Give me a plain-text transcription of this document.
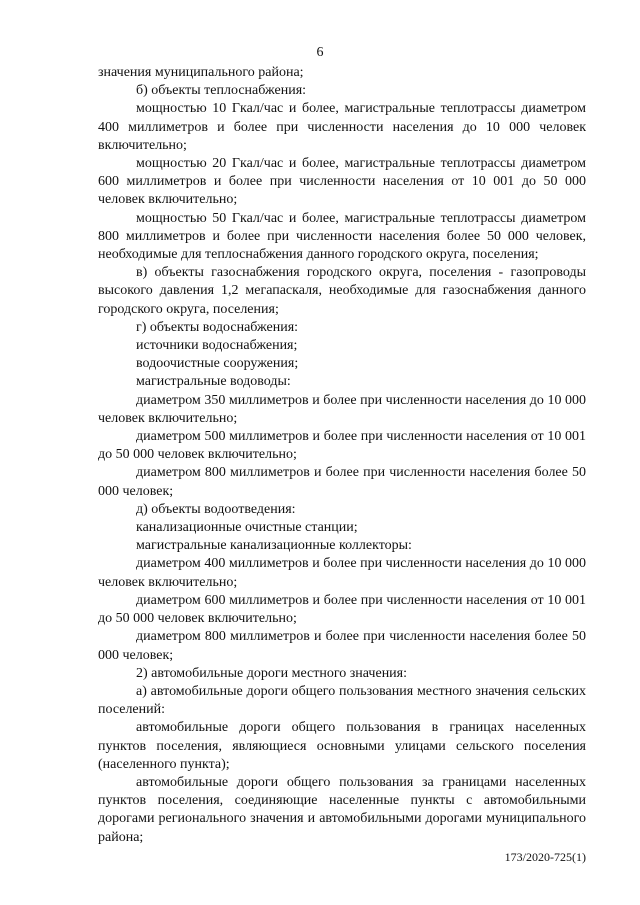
6

значения муниципального района;

б) объекты теплоснабжения:

мощностью 10 Гкал/час и более, магистральные теплотрассы диаметром 400 миллиметров и более при численности населения до 10 000 человек включительно;

мощностью 20 Гкал/час и более, магистральные теплотрассы диаметром 600 миллиметров и более при численности населения от 10 001 до 50 000 человек включительно;

мощностью 50 Гкал/час и более, магистральные теплотрассы диаметром 800 миллиметров и более при численности населения более 50 000 человек, необходимые для теплоснабжения данного городского округа, поселения;

в) объекты газоснабжения городского округа, поселения - газопроводы высокого давления 1,2 мегапаскаля, необходимые для газоснабжения данного городского округа, поселения;

г) объекты водоснабжения:

источники водоснабжения;

водоочистные сооружения;

магистральные водоводы:

диаметром 350 миллиметров и более при численности населения до 10 000 человек включительно;

диаметром 500 миллиметров и более при численности населения от 10 001 до 50 000 человек включительно;

диаметром 800 миллиметров и более при численности населения более 50 000 человек;

д) объекты водоотведения:

канализационные очистные станции;

магистральные канализационные коллекторы:

диаметром 400 миллиметров и более при численности населения до 10 000 человек включительно;

диаметром 600 миллиметров и более при численности населения от 10 001 до 50 000 человек включительно;

диаметром 800 миллиметров и более при численности населения более 50 000 человек;

2) автомобильные дороги местного значения:

а) автомобильные дороги общего пользования местного значения сельских поселений:

автомобильные дороги общего пользования в границах населенных пунктов поселения, являющиеся основными улицами сельского поселения (населенного пункта);

автомобильные дороги общего пользования за границами населенных пунктов поселения, соединяющие населенные пункты с автомобильными дорогами регионального значения и автомобильными дорогами муниципального района;

173/2020-725(1)
